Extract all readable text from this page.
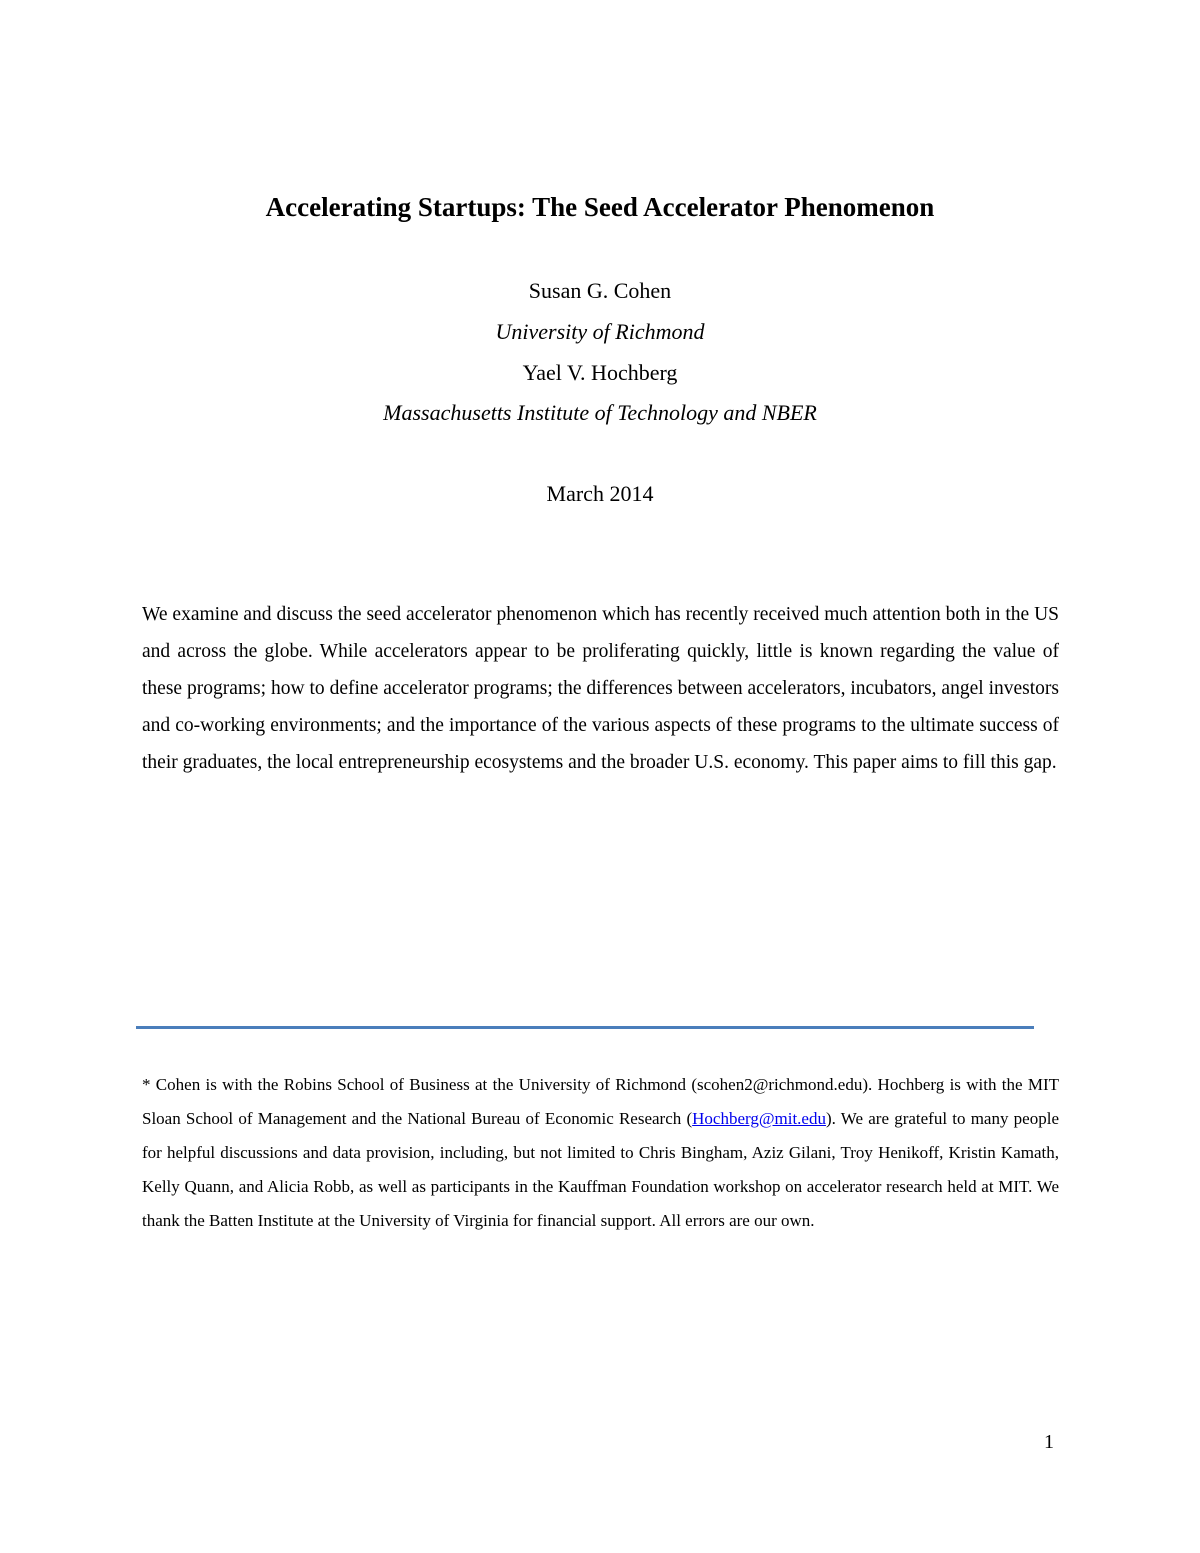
Accelerating Startups: The Seed Accelerator Phenomenon
Susan G. Cohen
University of Richmond
Yael V. Hochberg
Massachusetts Institute of Technology and NBER
March 2014

We examine and discuss the seed accelerator phenomenon which has recently received much attention both in the US and across the globe. While accelerators appear to be proliferating quickly, little is known regarding the value of these programs; how to define accelerator programs; the differences between accelerators, incubators, angel investors and co-working environments; and the importance of the various aspects of these programs to the ultimate success of their graduates, the local entrepreneurship ecosystems and the broader U.S. economy. This paper aims to fill this gap.

* Cohen is with the Robins School of Business at the University of Richmond (scohen2@richmond.edu). Hochberg is with the MIT Sloan School of Management and the National Bureau of Economic Research (Hochberg@mit.edu). We are grateful to many people for helpful discussions and data provision, including, but not limited to Chris Bingham, Aziz Gilani, Troy Henikoff, Kristin Kamath, Kelly Quann, and Alicia Robb, as well as participants in the Kauffman Foundation workshop on accelerator research held at MIT. We thank the Batten Institute at the University of Virginia for financial support. All errors are our own.

1
